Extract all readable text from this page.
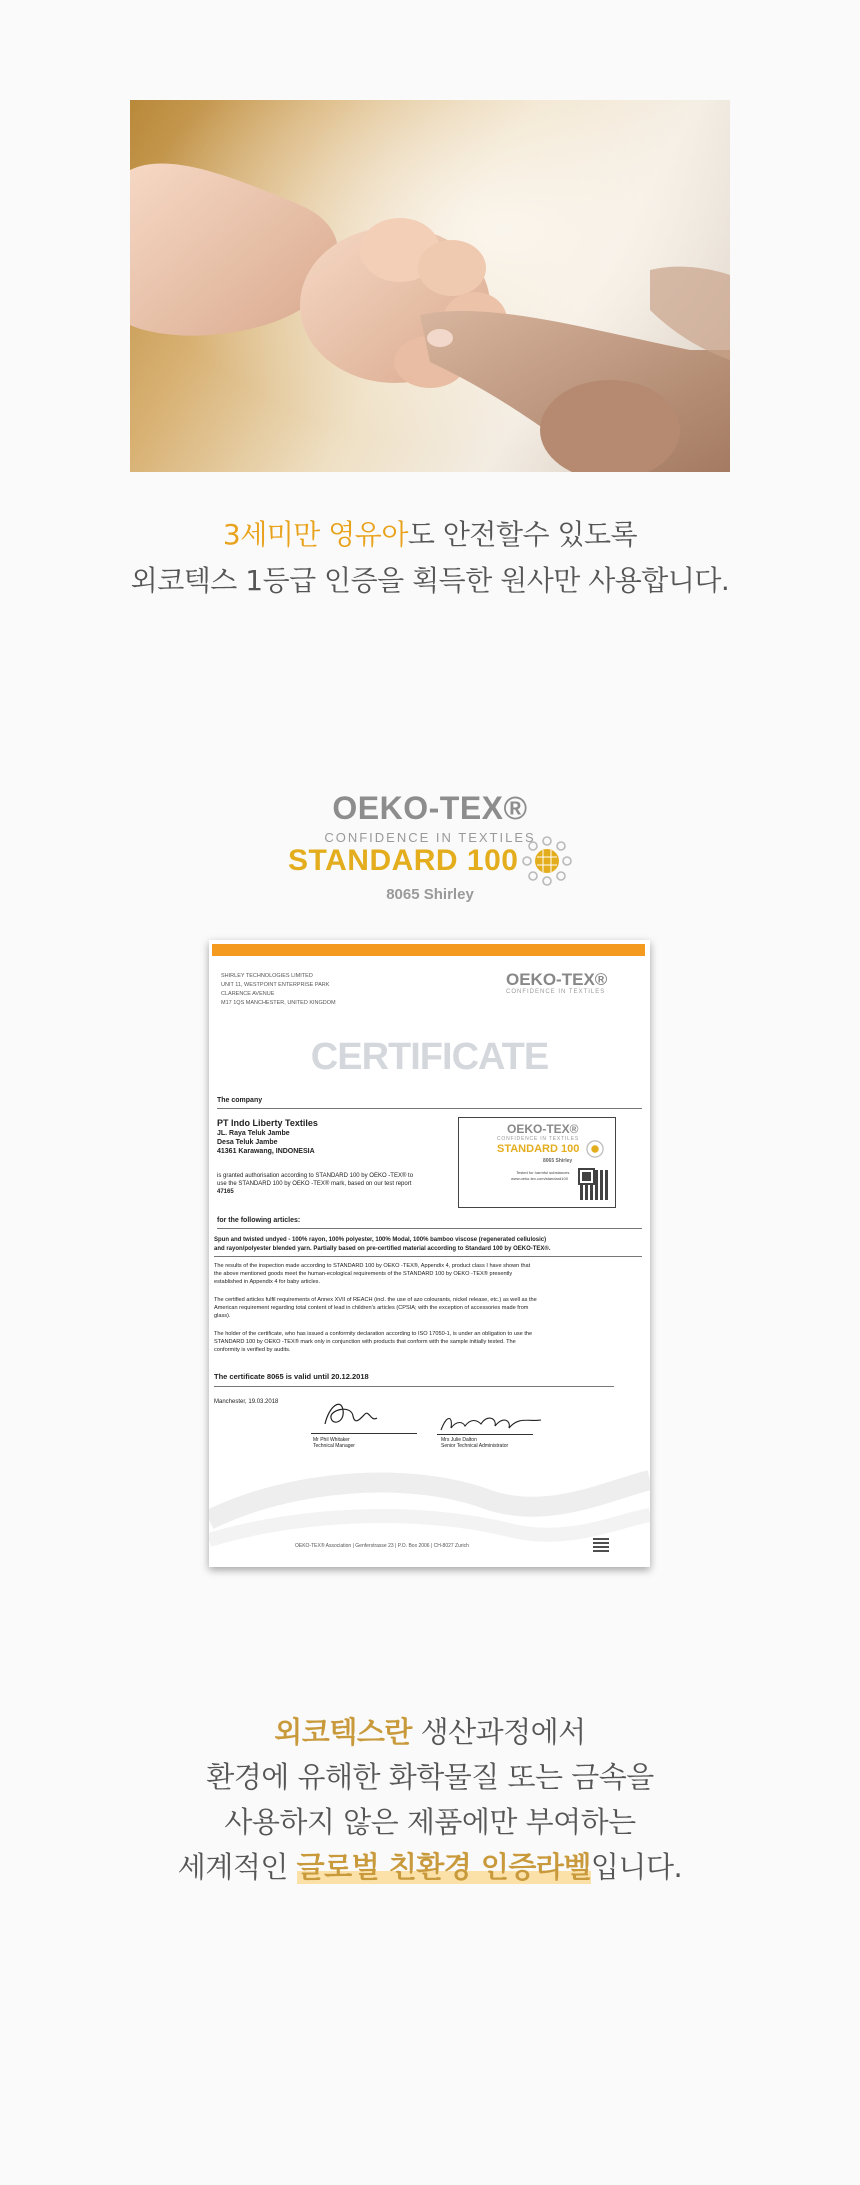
3세미만 영유아도 안전할수 있도록
외코텍스 1등급 인증을 획득한 원사만 사용합니다.
OEKO-TEX®
CONFIDENCE IN TEXTILES
STANDARD 100
8065 Shirley
SHIRLEY TECHNOLOGIES LIMITED
UNIT 11, WESTPOINT ENTERPRISE PARK
CLARENCE AVENUE
M17 1QS MANCHESTER, UNITED KINGDOM
OEKO-TEX®
CONFIDENCE IN TEXTILES
CERTIFICATE
The company
PT Indo Liberty Textiles
JL. Raya Teluk Jambe
Desa Teluk Jambe
41361 Karawang, INDONESIA
is granted authorisation according to STANDARD 100 by OEKO -TEX® to
use the STANDARD 100 by OEKO -TEX® mark, based on our test report
47165
OEKO-TEX®
CONFIDENCE IN TEXTILES
STANDARD 100
8065 Shirley
Tested for harmful substances
www.oeko-tex.com/standard100
for the following articles:
Spun and twisted undyed - 100% rayon, 100% polyester, 100% Modal, 100% bamboo viscose (regenerated cellulosic)
and rayon/polyester blended yarn. Partially based on pre-certified material according to Standard 100 by OEKO-TEX®.
The results of the inspection made according to STANDARD 100 by OEKO -TEX®, Appendix 4, product class I have shown that
the above mentioned goods meet the human-ecological requirements of the STANDARD 100 by OEKO -TEX® presently
established in Appendix 4 for baby articles.
The certified articles fulfil requirements of Annex XVII of REACH (incl. the use of azo colourants, nickel release, etc.) as well as the
American requirement regarding total content of lead in children's articles (CPSIA; with the exception of accessories made from
glass).
The holder of the certificate, who has issued a conformity declaration according to ISO 17050-1, is under an obligation to use the
STANDARD 100 by OEKO -TEX® mark only in conjunction with products that conform with the sample initially tested. The
conformity is verified by audits.
The certificate 8065 is valid until 20.12.2018
Manchester, 19.03.2018
Mr Phil Whitaker
Technical Manager
Mrs Julie Dalton
Senior Technical Administrator
OEKO-TEX® Association | Genferstrasse 23 | P.O. Box 2006 | CH-8027 Zurich
외코텍스란 생산과정에서
환경에 유해한 화학물질 또는 금속을
사용하지 않은 제품에만 부여하는
세계적인 글로벌 친환경 인증라벨입니다.
